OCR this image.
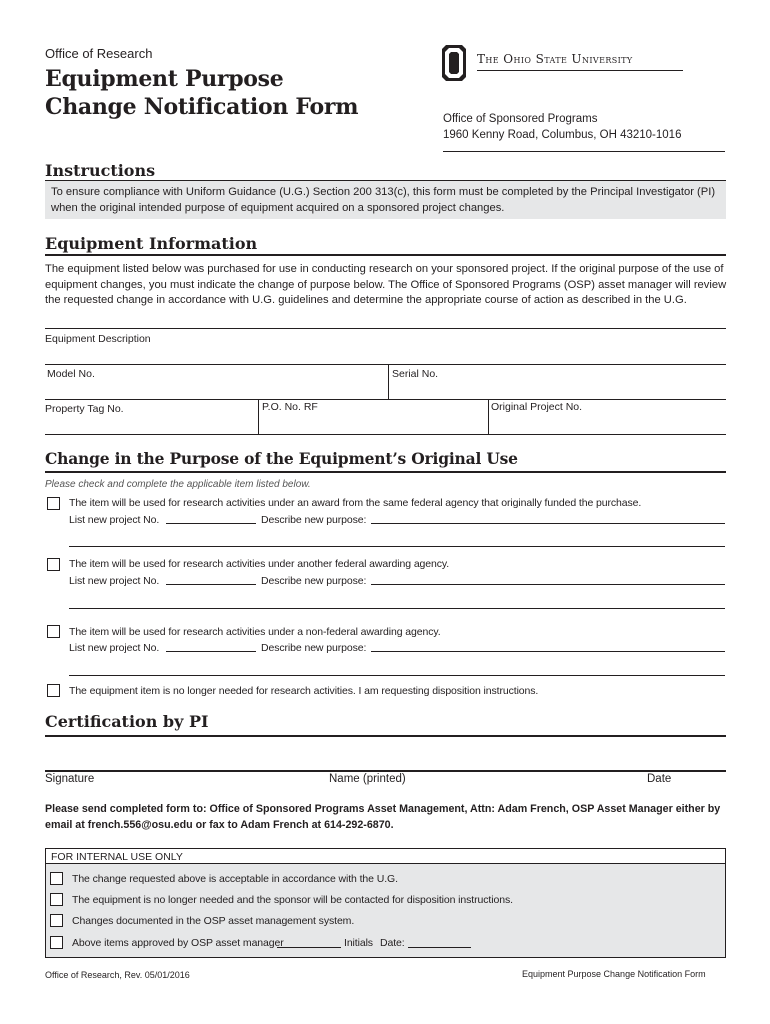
Office of Research
Equipment Purpose
Change Notification Form
The Ohio State University
Office of Sponsored Programs
1960 Kenny Road, Columbus, OH 43210-1016
Instructions
To ensure compliance with Uniform Guidance (U.G.) Section 200 313(c), this form must be completed by the Principal Investigator (PI) when the original intended purpose of equipment acquired on a sponsored project changes.
Equipment Information
The equipment listed below was purchased for use in conducting research on your sponsored project. If the original purpose of the use of equipment changes, you must indicate the change of purpose below. The Office of Sponsored Programs (OSP) asset manager will review the requested change in accordance with U.G. guidelines and determine the appropriate course of action as described in the U.G.
Equipment Description
Model No.	Serial No.
Property Tag No.	P.O. No. RF	Original Project No.
Change in the Purpose of the Equipment’s Original Use
Please check and complete the applicable item listed below.
The item will be used for research activities under an award from the same federal agency that originally funded the purchase.
List new project No.	Describe new purpose:
The item will be used for research activities under another federal awarding agency.
List new project No.	Describe new purpose:
The item will be used for research activities under a non-federal awarding agency.
List new project No.	Describe new purpose:
The equipment item is no longer needed for research activities. I am requesting disposition instructions.
Certification by PI
Signature	Name (printed)	Date
Please send completed form to: Office of Sponsored Programs Asset Management, Attn: Adam French, OSP Asset Manager either by email at french.556@osu.edu or fax to Adam French at 614-292-6870.
FOR INTERNAL USE ONLY
The change requested above is acceptable in accordance with the U.G.
The equipment is no longer needed and the sponsor will be contacted for disposition instructions.
Changes documented in the OSP asset management system.
Above items approved by OSP asset manager	Initials Date:
Office of Research, Rev. 05/01/2016	Equipment Purpose Change Notification Form
